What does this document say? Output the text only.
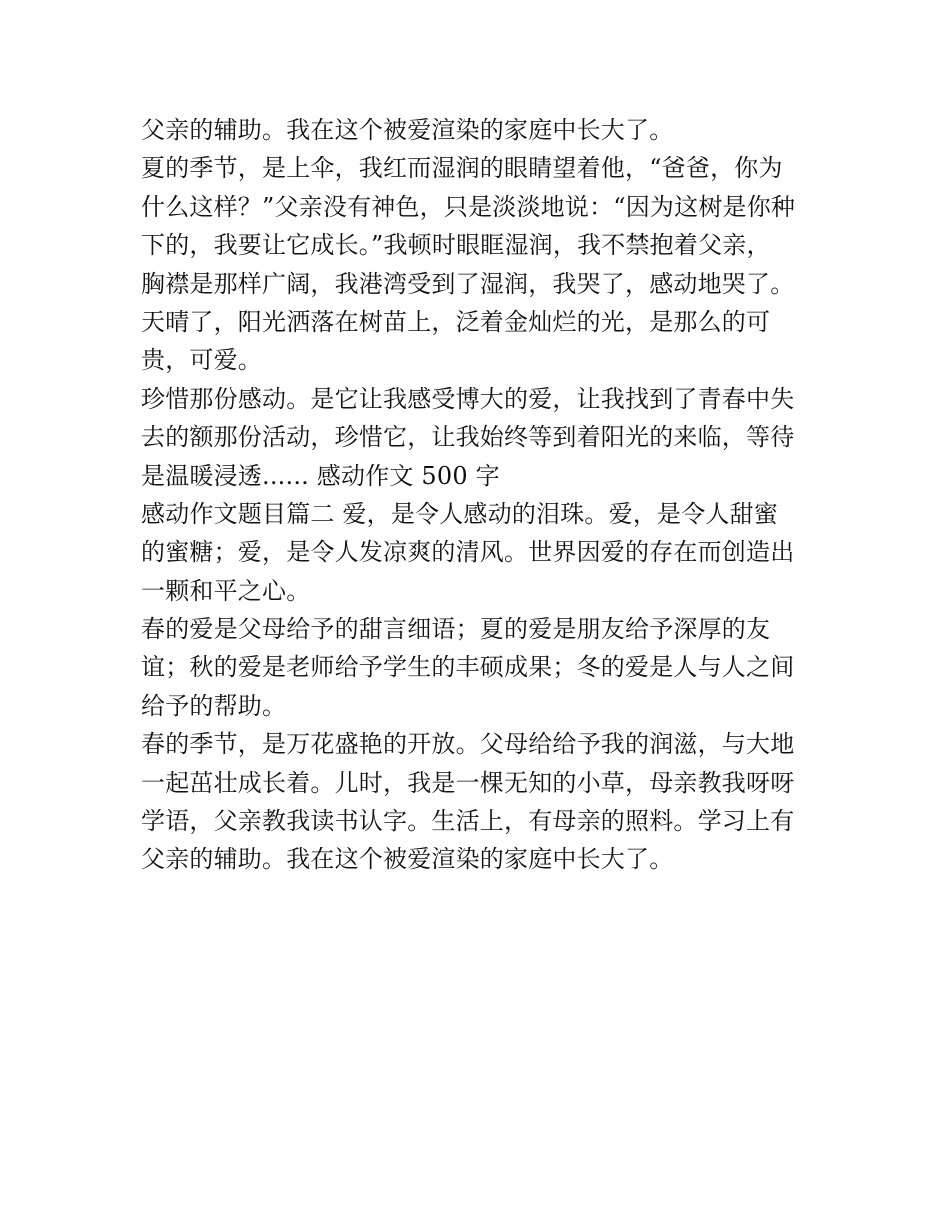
父亲的辅助。我在这个被爱渲染的家庭中长大了。
夏的季节，是上伞，我红而湿润的眼睛望着他，“爸爸，你为
什么这样？”父亲没有神色，只是淡淡地说：“因为这树是你种
下的，我要让它成长。”我顿时眼眶湿润，我不禁抱着父亲，
胸襟是那样广阔，我港湾受到了湿润，我哭了，感动地哭了。
天晴了，阳光洒落在树苗上，泛着金灿烂的光，是那么的可
贵，可爱。
珍惜那份感动。是它让我感受博大的爱，让我找到了青春中失
去的额那份活动，珍惜它，让我始终等到着阳光的来临，等待
是温暖浸透...... 感动作文 500 字
感动作文题目篇二 爱，是令人感动的泪珠。爱，是令人甜蜜
的蜜糖；爱，是令人发凉爽的清风。世界因爱的存在而创造出
一颗和平之心。
春的爱是父母给予的甜言细语；夏的爱是朋友给予深厚的友
谊；秋的爱是老师给予学生的丰硕成果；冬的爱是人与人之间
给予的帮助。
春的季节，是万花盛艳的开放。父母给给予我的润滋，与大地
一起茁壮成长着。儿时，我是一棵无知的小草，母亲教我呀呀
学语，父亲教我读书认字。生活上，有母亲的照料。学习上有
父亲的辅助。我在这个被爱渲染的家庭中长大了。
